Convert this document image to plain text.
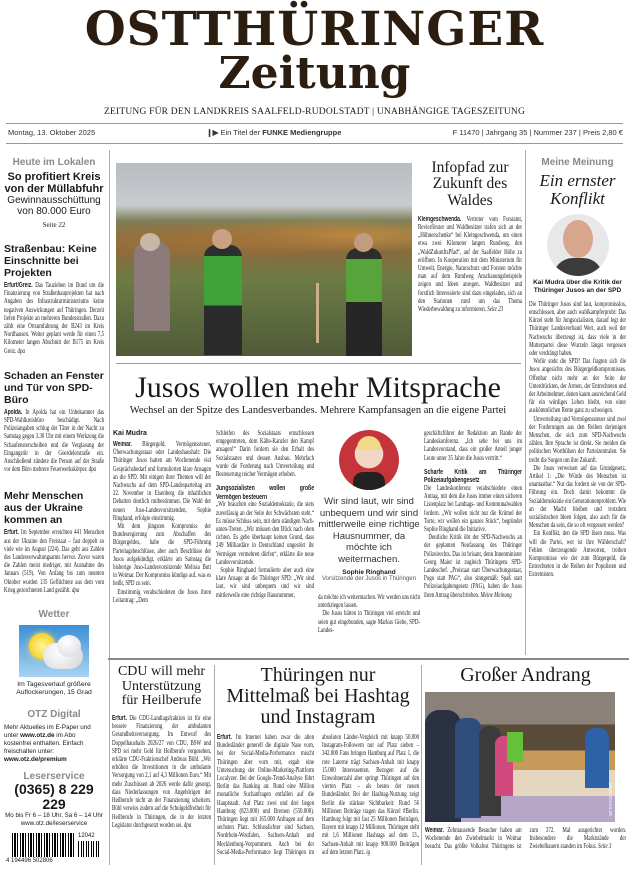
OSTTHÜRINGER
Zeitung
ZEITUNG FÜR DEN LANDKREIS SAALFELD-RUDOLSTADT | UNABHÄNGIGE TAGESZEITUNG
Montag, 13. Oktober 2025	❙▶ Ein Titel der FUNKE Mediengruppe	F 11470 | Jahrgang 35 | Nummer 237 | Preis 2,80 €
Heute im Lokalen
So profitiert Kreis von der Müllabfuhr
Gewinnausschüttung von 80.000 Euro
Seite 22
Straßenbau: Keine Einschnitte bei Projekten
Erfurt/Greiz. Das Tauziehen im Bund um die Finanzierung von Straßenbauprojekten hat nach Angaben des Infrastrukturministeriums keine negativen Auswirkungen auf Thüringen. Derzeit liefen Projekte an mehreren Bundesstraßen. Dazu zählt eine Ortsumfahrung der B243 im Kreis Nordhausen. Weiter geplant werde für einen 7,5 Kilometer langen Abschnitt der B175 im Kreis Greiz. dpa
Schaden an Fenster und Tür von SPD-Büro
Apolda. In Apolda hat ein Unbekannter das SPD-Wahlkreisbüro beschädigt. Nach Polizeiangaben schlug der Täter in der Nacht zu Samstag gegen 3.30 Uhr mit einem Werkzeug die Schaufensterscheiben und die Verglasung der Eingangstür in der Goerdelerstraße ein. Anschließend zündete die Person auf der Straße vor dem Büro mehrere Feuerwerkskörper. dpa
Mehr Menschen aus der Ukraine kommen an
Erfurt. Im September erreichten 441 Menschen aus der Ukraine den Freistaat – fast doppelt so viele wie im August (224). Das geht aus Zahlen des Landesverwaltungsamts hervor. Zuvor waren die Zahlen meist niedriger, mit Ausnahme des Januars (519). Von Anfang bis zum neunten Oktober wurden 135 Geflüchtete aus dem vom Krieg gezeichneten Land gezählt. dpa
Wetter
Im Tagesverlauf größere Auflockerungen, 15 Grad
OTZ Digital
Mehr Aktuelles im E-Paper und unter www.otz.de im Abo kostenfrei enthalten. Einfach freischalten unter:
www.otz.de/premium
Leserservice
(0365) 8 229 229
Mo bis Fr 6 – 18 Uhr, Sa 6 – 14 Uhr
www.otz.de/leserservice
12042
4 194496 502806
Infopfad zur Zukunft des Waldes
Kleingeschwenda. Vertreter vom Forstamt, Revierförster und Waldbesitzer trafen sich an der „Hühnerschenke“ bei Kleingeschwenda, um einen etwa zwei Kilometer langen Rundweg, den „WaldZukunftsPfad“, auf der Saalfelder Höhe zu eröffnen. In Kooperation mit dem Ministerium für Umwelt, Energie, Naturschutz und Forsten möchte man auf dem Rundweg Anschauungsbeispiele zeigen und Ideen anregen. Waldbesitzer und forstlich Interessierte sind dazu eingeladen, sich an den Stationen rund um das Thema Wiederbewaldung zu informieren. Seite 23
Meine Meinung
Ein ernster Konflikt
Kai Mudra über die Kritik der Thüringer Jusos an der SPD

Die Thüringer Jusos sind laut, kompromisslos, entschlossen, aber auch wahlkampferprobt: Das Kürzel steht für Jungsozialisten, darauf legt der Thüringer Landesverband Wert, auch weil der Nachwuchs überzeugt ist, dass viele in der Mutterpartei diese Wurzeln längst vergessen oder verdrängt haben.

Wofür steht die SPD? Das fragten sich die Jusos angesichts des Bürgergeldkompromisses. Offenbar nicht mehr an der Seite der Unterdrückten, der Armen, der Entrechteten und der Arbeitnehmer, denen kaum ausreichend Geld für ein würdiges Leben bleibt, von einer auskömmlichen Rente ganz zu schweigen.

Umverteilung und Vermögenssteuer sind zwei der Forderungen aus den Reihen derjenigen Menschen, die sich zum SPD-Nachwuchs zählen. Ihre Sprache ist direkt. Sie meiden die politischen Worthülsen der Parteizentralen. Sie treibt die Sorgen um ihre Zukunft.

Die Jusos verweisen auf das Grundgesetz, Artikel 1: „Die Würde des Menschen ist unantastbar.“ Nur das fordern sie von der SPD-Führung ein. Doch damit bekommt die Sozialdemokratie ein Generationenproblem. Wie an der Macht bleiben und trotzdem sozialistischen Ideen folgen, also auch für die Menschen da sein, die so oft vergessen werden?

Ein Konflikt, den die SPD lösen muss. Was will die Partei, wer ist ihre Wählerschaft? Fehlen überzeugende Antworten, treiben Kompromisse wie der zum Bürgergeld, die Entrechteten in die Reihen der Populisten und Extremisten.

Jusos wollen mehr Mitsprache
Wechsel an der Spitze des Landesverbandes. Mehrere Kampfansagen an die eigene Partei
Kai Mudra

Weimar. Bürgergeld, Vermögenssteuer, Überwachungsstaat oder Landeshaushalt: Die Thüringer Jusos hatten am Wochenende viel Gesprächsbedarf und formulierten klare Ansagen an die SPD. Mit einigen ihrer Themen will der Nachwuchs auf dem SPD-Landesparteitag am 22. November in Eisenberg die inhaltlichen Debatten deutlich mitbestimmen. Die Wahl der neuen Juso-Landesvorsitzenden, Sophie Ringhand, erfolgte einstimmig.

Mit dem jüngsten Kompromiss der Bundesregierung zum Abschaffen des Bürgergeldes, habe die SPD-Führung Parteitagsbeschlüsse, aber auch Beschlüsse der Jusos aufgekündigt, erklärte am Samstag die bisherige Juso-Landesvorsitzende Melissa Butt in Weimar. Der Kompromiss kündige auf, was es heißt, SPD zu sein.

Einstimmig verabschiedeten die Jusos ihren Leitantrag: „Dem

Schleifen des Sozialstaats entschlossen entgegentreten, dem Kälte-Kanzler den Kampf ansagen!“ Darin fordern sie den Erhalt des Sozialstaates und dessen Ausbau. Mehrfach wurde die Forderung nach Umverteilung und Besteuerung reicher Vermögen erhoben.

Jungsozialisten wollen große Vermögen besteuern

„Wir brauchen eine Sozialdemokratie, die stets zuverlässig an der Seite der Schwächsten steht.“ Es müsse Schluss sein, mit dem ständigen Nach-unten-Treten. „Wir müssen den Blick nach oben richten. Es gebe überhaupt keinen Grund, dass 249 Milliardäre in Deutschland ungestört ihr Vermögen vermehren dürfen“, erklärte die neue Landesvorsitzende.

Sophie Ringhand formulierte aber auch eine klare Ansage an die Thüringer SPD: „Wir sind laut, wir sind unbequem und wir sind mittlerweile eine richtige Hausnummer,

Wir sind laut, wir sind unbequem und wir sind mittlerweile eine richtige Hausnummer, da möchte ich weitermachen.
Sophie Ringhand
Vorsitzende der Jusos in Thüringen

da möchte ich weitermachen. Wir werden uns nicht unterkriegen lassen.

Die Jusos hätten in Thüringen viel erreicht und seien gut eingebunden, sagte Markus Giebe, SPD-Landes-

geschäftsführer der Redaktion am Rande der Landeskonferenz. „Ich sehe bei uns im Landesvorstand, dass ein großer Anteil junger Leute unter 35 Jahre die Jusos vertritt.“

Scharfe Kritik am Thüringer Polizeiaufgabengesetz

Die Landeskonferenz verabschiedete einen Antrag, mit dem die Jusos immer einen sicheren Listenplatz bei Landtags- und Kommunalwahlen fordern. „Wir wollen nicht nur die Krümel der Torte, wir wollen ein ganzes Stück“, begründet Sophie Ringhand die Initiative.

Deutliche Kritik übt der SPD-Nachwuchs an der geplanten Neufassung des Thüringer Polizeirechts. Das ist brisant, denn Innenminister Georg Maier ist zugleich Thüringens SPD-Landeschef. „Preistaat statt Überwachungsstaat, Pogo statt PAG“, also sinngemäß: Spaß statt Polizeiaufgabengesetz (PAG), haben die Jusos ihren Antrag überschrieben. Meine Meinung

CDU will mehr Unterstützung für Heilberufe
Erfurt. Die CDU-Landtagsfraktion ist für eine bessere Finanzierung der ambulanten Gesundheitsversorgung. Im Entwurf des Doppelhaushalts 2026/27 von CDU, BSW und SPD sei mehr Geld für Heilberufe vorgesehen, erklärte CDU-Fraktionschef Andreas Bühl. „Wir erhöhen die Investitionen in die ambulante Versorgung von 2,1 auf 4,3 Millionen Euro.“ Mit mehr Zuschüssen ab 2026 werde dafür gesorgt, dass Niederlassungen von Angehörigen der Heilberufe nicht an der Finanzierung scheitern. Bühl verwies zudem auf die Schulgeldfreiheit für Heilberufe in Thüringen, die in der letzten Legislatur durchgesetzt worden sei. dpa
Thüringen nur Mittelmaß bei Hashtag und Instagram
Erfurt. Im Internet haben zwar die alten Bundesländer generell die digitale Nase vorn, bei der Social-Media-Performance mischt Thüringen aber vorn mit, ergab eine Untersuchung der Online-Marketing-Plattform Localyzer. Bei der Google-Trend-Analyse führt Berlin das Ranking an: Rund eine Million monatliche Suchanfragen entfallen auf die Hauptstadt. Auf Platz zwei und drei liegen Hamburg (823.000) und Bremen (550.000). Thüringen liegt mit 165.000 Anfragen auf dem sechsten Platz. Schlusslichter sind Sachsen, Nordrhein-Westfalen, Sachsen-Anhalt und Mecklenburg-Vorpommern. Auch bei der Social-Media-Performance liegt Thüringen im absoluten Länder-Vergleich mit knapp 50.000 Instagram-Followern nur auf Platz sieben – 342.000 Fans bringen Hamburg auf Platz 1, die rote Laterne trägt Sachsen-Anhalt mit knapp 15.000 Interessenten. Bezogen auf die Einwohnerzahl aber springt Thüringen auf den vierten Platz – als bestes der neuen Bundesländer. Bei der Hashtag-Nutzung zeigt Berlin die stärkste Sichtbarkeit: Rund 56 Millionen Beiträge tragen das Kürzel #Berlin. Hamburg folgt mit fast 25 Millionen Beiträgen, Bayern mit knapp 12 Millionen. Thüringen steht mit 1,6 Millionen Hashtags auf dem 13., Sachsen-Anhalt mit knapp 900.000 Beiträgen auf dem letzten Platz. ig
Großer Andrang
MAIK SCHULZE
Weimar. Zehntausende Besucher haben am Wochenende den Zwiebelmarkt in Weimar besucht. Das größte Volksfest Thüringens ist zum 372. Mal ausgerichtet worden. Insbesondere die Marktstände der Zwiebelbauern standen im Fokus. Seite 3
